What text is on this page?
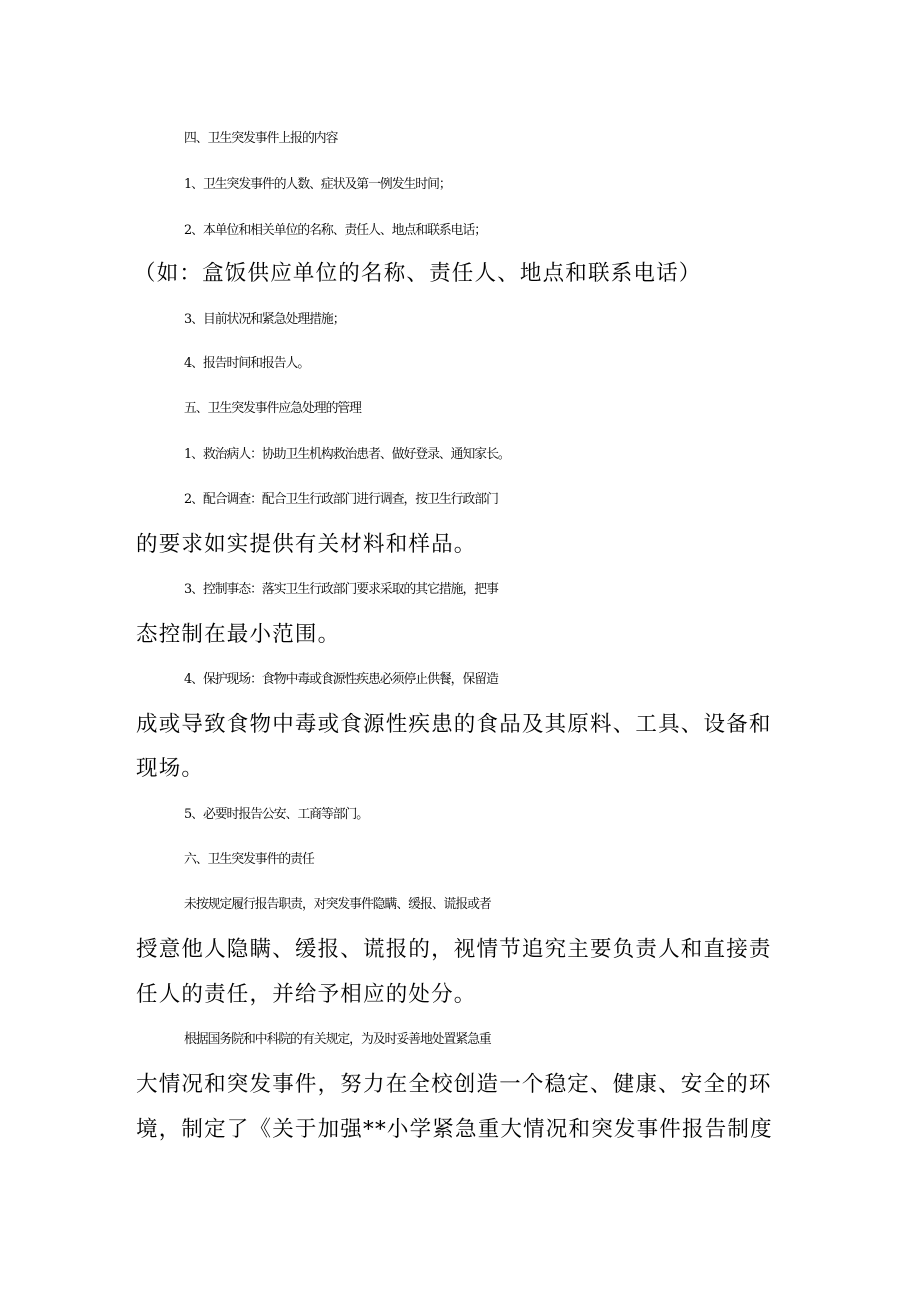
四、卫生突发事件上报的内容

1、卫生突发事件的人数、症状及第一例发生时间；

2、本单位和相关单位的名称、责任人、地点和联系电话；

（如：盒饭供应单位的名称、责任人、地点和联系电话）

3、目前状况和紧急处理措施；

4、报告时间和报告人。

五、卫生突发事件应急处理的管理

1、救治病人：协助卫生机构救治患者、做好登录、通知家长。

2、配合调查：配合卫生行政部门进行调查，按卫生行政部门

的要求如实提供有关材料和样品。

3、控制事态：落实卫生行政部门要求采取的其它措施，把事

态控制在最小范围。

4、保护现场：食物中毒或食源性疾患必须停止供餐，保留造

成或导致食物中毒或食源性疾患的食品及其原料、工具、设备和

现场。

5、必要时报告公安、工商等部门。

六、卫生突发事件的责任

未按规定履行报告职责，对突发事件隐瞒、缓报、谎报或者

授意他人隐瞒、缓报、谎报的，视情节追究主要负责人和直接责

任人的责任，并给予相应的处分。

根据国务院和中科院的有关规定，为及时妥善地处置紧急重

大情况和突发事件，努力在全校创造一个稳定、健康、安全的环

境，制定了《关于加强**小学紧急重大情况和突发事件报告制度
